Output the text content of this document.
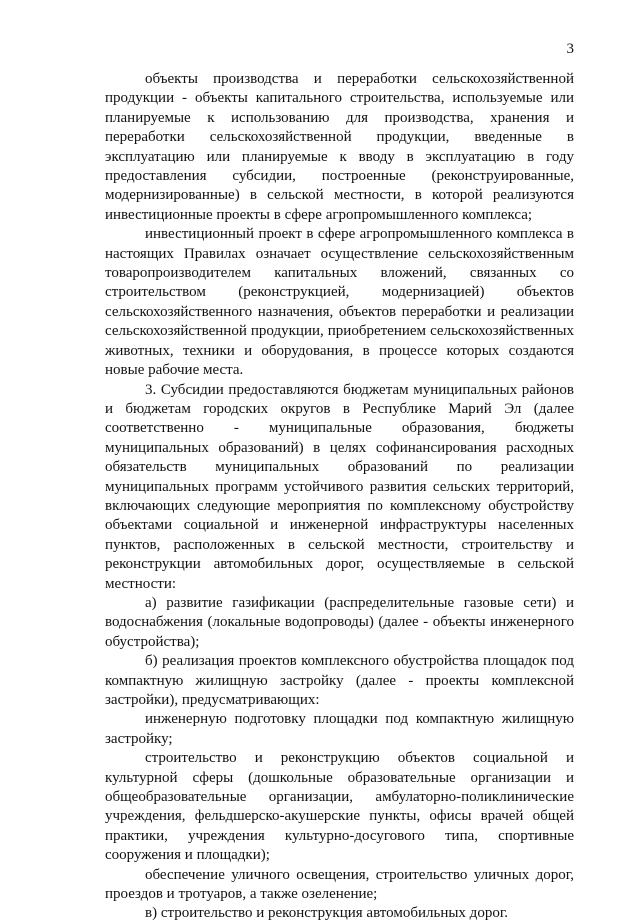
3

объекты производства и переработки сельскохозяйственной продукции - объекты капитального строительства, используемые или планируемые к использованию для производства, хранения и переработки сельскохозяйственной продукции, введенные в эксплуатацию или планируемые к вводу в эксплуатацию в году предоставления субсидии, построенные (реконструированные, модернизированные) в сельской местности, в которой реализуются инвестиционные проекты в сфере агропромышленного комплекса;

инвестиционный проект в сфере агропромышленного комплекса в настоящих Правилах означает осуществление сельскохозяйственным товаропроизводителем капитальных вложений, связанных со строительством (реконструкцией, модернизацией) объектов сельскохозяйственного назначения, объектов переработки и реализации сельскохозяйственной продукции, приобретением сельскохозяйственных животных, техники и оборудования, в процессе которых создаются новые рабочие места.

3. Субсидии предоставляются бюджетам муниципальных районов и бюджетам городских округов в Республике Марий Эл (далее соответственно - муниципальные образования, бюджеты муниципальных образований) в целях софинансирования расходных обязательств муниципальных образований по реализации муниципальных программ устойчивого развития сельских территорий, включающих следующие мероприятия по комплексному обустройству объектами социальной и инженерной инфраструктуры населенных пунктов, расположенных в сельской местности, строительству и реконструкции автомобильных дорог, осуществляемые в сельской местности:

а) развитие газификации (распределительные газовые сети) и водоснабжения (локальные водопроводы) (далее - объекты инженерного обустройства);

б) реализация проектов комплексного обустройства площадок под компактную жилищную застройку (далее - проекты комплексной застройки), предусматривающих:

инженерную подготовку площадки под компактную жилищную застройку;

строительство и реконструкцию объектов социальной и культурной сферы (дошкольные образовательные организации и общеобразовательные организации, амбулаторно-поликлинические учреждения, фельдшерско-акушерские пункты, офисы врачей общей практики, учреждения культурно-досугового типа, спортивные сооружения и площадки);

обеспечение уличного освещения, строительство уличных дорог, проездов и тротуаров, а также озеленение;

в) строительство и реконструкция автомобильных дорог.
